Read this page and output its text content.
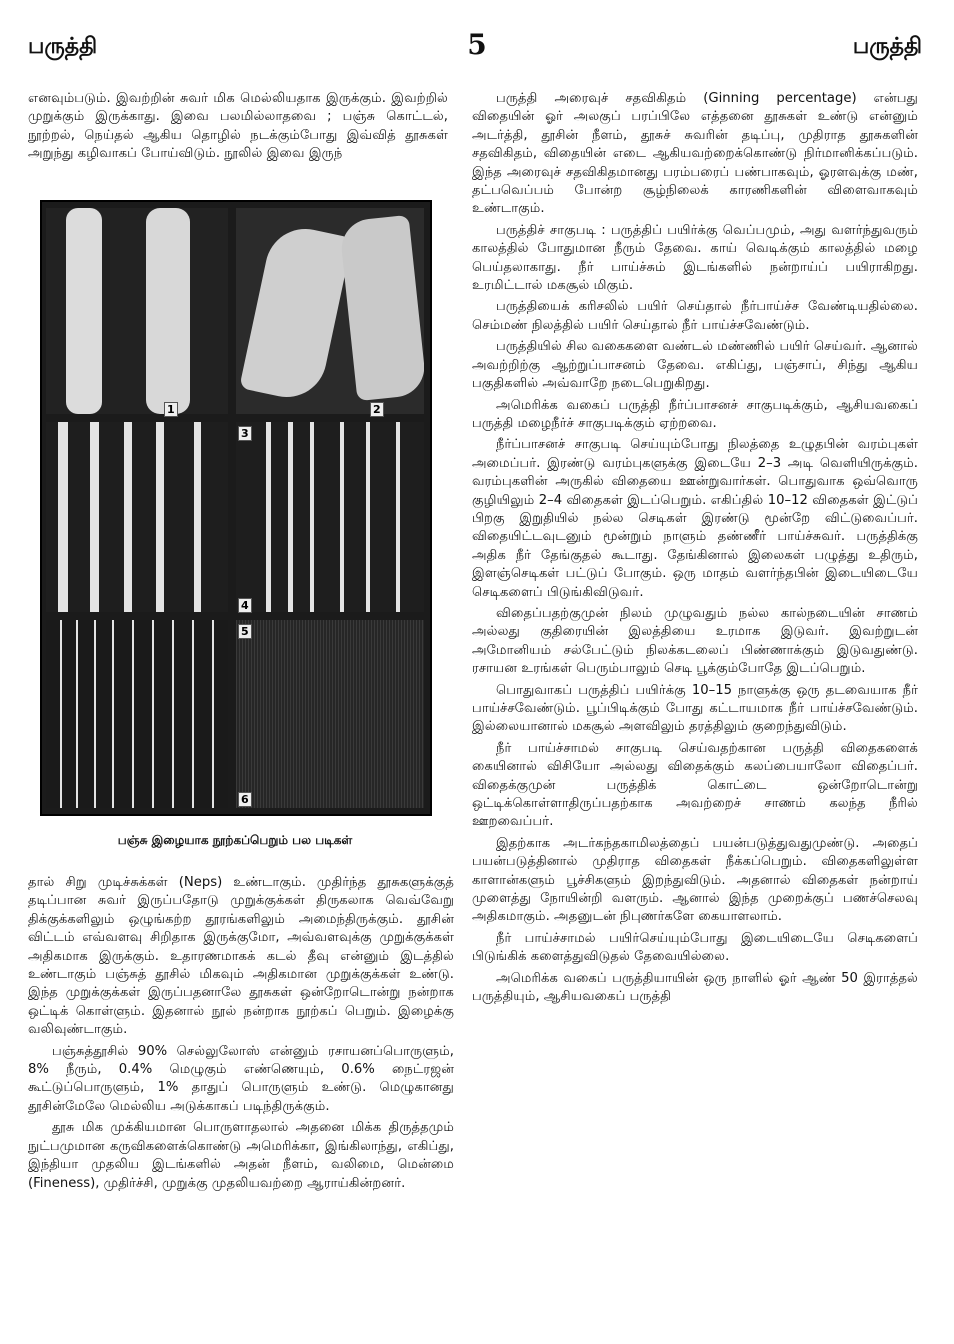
பருத்தி	5	பருத்தி

எனவும்படும். இவற்றின் சுவர் மிக மெல்லியதாக இருக்கும். இவற்றில் முறுக்கும் இருக்காது. இவை பலமில்லாதவை ; பஞ்சு கொட்டல், நூற்றல், நெய்தல் ஆகிய தொழில் நடக்கும்போது இவ்வித் தூசுகள் அறுந்து கழிவாகப் போய்விடும். நூலில் இவை இருந்

1	2
3
4
5
6
பஞ்சு இழையாக நூற்கப்பெறும் பல படிகள்

தால் சிறு முடிச்சுக்கள் (Neps) உண்டாகும். முதிர்ந்த தூசுகளுக்குத் தடிப்பான சுவர் இருப்பதோடு முறுக்குக்கள் திருகலாக வெவ்வேறு திக்குக்களிலும் ஒழுங்கற்ற தூரங்களிலும் அமைந்திருக்கும். தூசின் விட்டம் எவ்வளவு சிறிதாக இருக்குமோ, அவ்வளவுக்கு முறுக்குக்கள் அதிகமாக இருக்கும். உதாரணமாகக் கடல் தீவு என்னும் இடத்தில் உண்டாகும் பஞ்சுத் தூசில் மிகவும் அதிகமான முறுக்குக்கள் உண்டு. இந்த முறுக்குக்கள் இருப்பதனாலே தூசுகள் ஒன்றோடொன்று நன்றாக ஒட்டிக் கொள்ளும். இதனால் நூல் நன்றாக நூற்கப் பெறும். இழைக்கு வலிவுண்டாகும்.

பஞ்சுத்தூசில் 90% செல்லுலோஸ் என்னும் ரசாயனப்பொருளும், 8% நீரும், 0.4% மெழுகும் எண்ணெயும், 0.6% நைட்ரஜன் கூட்டுப்பொருளும், 1% தாதுப் பொருளும் உண்டு. மெழுகானது தூசின்மேலே மெல்லிய அடுக்காகப் படிந்திருக்கும்.

தூசு மிக முக்கியமான பொருளாதலால் அதனை மிக்க திருத்தமும் நுட்பமுமான கருவிகளைக்கொண்டு அமெரிக்கா, இங்கிலாந்து, எகிப்து, இந்தியா முதலிய இடங்களில் அதன் நீளம், வலிமை, மென்மை (Fineness), முதிர்ச்சி, முறுக்கு முதலியவற்றை ஆராய்கின்றனர்.

பருத்தி அரைவுச் சதவிகிதம் (Ginning percentage) என்பது விதையின் ஓர் அலகுப் பரப்பிலே எத்தனை தூசுகள் உண்டு என்னும் அடர்த்தி, தூசின் நீளம், தூசுச் சுவரின் தடிப்பு, முதிராத தூசுகளின் சதவிகிதம், விதையின் எடை ஆகியவற்றைக்கொண்டு நிர்மானிக்கப்படும். இந்த அரைவுச் சதவிகிதமானது பரம்பரைப் பண்பாகவும், ஓரளவுக்கு மண், தட்பவெப்பம் போன்ற சூழ்நிலைக் காரணிகளின் விளைவாகவும் உண்டாகும்.

பருத்திச் சாகுபடி : பருத்திப் பயிர்க்கு வெப்பமும், அது வளர்ந்துவரும் காலத்தில் போதுமான நீரும் தேவை. காய் வெடிக்கும் காலத்தில் மழை பெய்தலாகாது. நீர் பாய்ச்சும் இடங்களில் நன்றாய்ப் பயிராகிறது. உரமிட்டால் மகசூல் மிகும்.

பருத்தியைக் கரிசலில் பயிர் செய்தால் நீர்பாய்ச்ச வேண்டியதில்லை. செம்மண் நிலத்தில் பயிர் செய்தால் நீர் பாய்ச்சவேண்டும்.

பருத்தியில் சில வகைகளை வண்டல் மண்ணில் பயிர் செய்வர். ஆனால் அவற்றிற்கு ஆற்றுப்பாசனம் தேவை. எகிப்து, பஞ்சாப், சிந்து ஆகிய பகுதிகளில் அவ்வாறே நடைபெறுகிறது.

அமெரிக்க வகைப் பருத்தி நீர்ப்பாசனச் சாகுபடிக்கும், ஆசியவகைப் பருத்தி மழைநீர்ச் சாகுபடிக்கும் ஏற்றவை.

நீர்ப்பாசனச் சாகுபடி செய்யும்போது நிலத்தை உழுதபின் வரம்புகள் அமைப்பர். இரண்டு வரம்புகளுக்கு இடையே 2–3 அடி வெளியிருக்கும். வரம்புகளின் அருகில் விதையை ஊன்றுவார்கள். பொதுவாக ஒவ்வொரு குழியிலும் 2–4 விதைகள் இடப்பெறும். எகிப்தில் 10–12 விதைகள் இட்டுப் பிறகு இறுதியில் நல்ல செடிகள் இரண்டு மூன்றே விட்டுவைப்பர். விதையிட்டவுடனும் மூன்றும் நாளும் தண்ணீர் பாய்ச்சுவர். பருத்திக்கு அதிக நீர் தேங்குதல் கூடாது. தேங்கினால் இலைகள் பழுத்து உதிரும், இளஞ்செடிகள் பட்டுப் போகும். ஒரு மாதம் வளர்ந்தபின் இடையிடையே செடிகளைப் பிடுங்கிவிடுவர்.

விதைப்பதற்குமுன் நிலம் முழுவதும் நல்ல கால்நடையின் சாணம் அல்லது குதிரையின் இலத்தியை உரமாக இடுவர். இவற்றுடன் அமோனியம் சல்பேட்டும் நிலக்கடலைப் பிண்ணாக்கும் இடுவதுண்டு. ரசாயன உரங்கள் பெரும்பாலும் செடி பூக்கும்போதே இடப்பெறும்.

பொதுவாகப் பருத்திப் பயிர்க்கு 10–15 நாளுக்கு ஒரு தடவையாக நீர் பாய்ச்சவேண்டும். பூப்பிடிக்கும் போது கட்டாயமாக நீர் பாய்ச்சவேண்டும். இல்லையானால் மகசூல் அளவிலும் தரத்திலும் குறைந்துவிடும்.

நீர் பாய்ச்சாமல் சாகுபடி செய்வதற்கான பருத்தி விதைகளைக் கையினால் விசியோ அல்லது விதைக்கும் கலப்பையாலோ விதைப்பர். விதைக்குமுன் பருத்திக் கொட்டை ஒன்றோடொன்று ஒட்டிக்கொள்ளாதிருப்பதற்காக அவற்றைச் சாணம் கலந்த நீரில் ஊறவைப்பர்.

இதற்காக அடர்கந்தகாமிலத்தைப் பயன்படுத்துவதுமுண்டு. அதைப் பயன்படுத்தினால் முதிராத விதைகள் நீக்கப்பெறும். விதைகளிலுள்ள காளான்களும் பூச்சிகளும் இறந்துவிடும். அதனால் விதைகள் நன்றாய் முளைத்து நோயின்றி வளரும். ஆனால் இந்த முறைக்குப் பணச்செலவு அதிகமாகும். அதனுடன் நிபுணர்களே கையாளலாம்.

நீர் பாய்ச்சாமல் பயிர்செய்யும்போது இடையிடையே செடிகளைப் பிடுங்கிக் களைத்துவிடுதல் தேவையில்லை.

அமெரிக்க வகைப் பருத்தியாயின் ஒரு நாளில் ஓர் ஆண் 50 இராத்தல் பருத்தியும், ஆசியவகைப் பருத்தி
